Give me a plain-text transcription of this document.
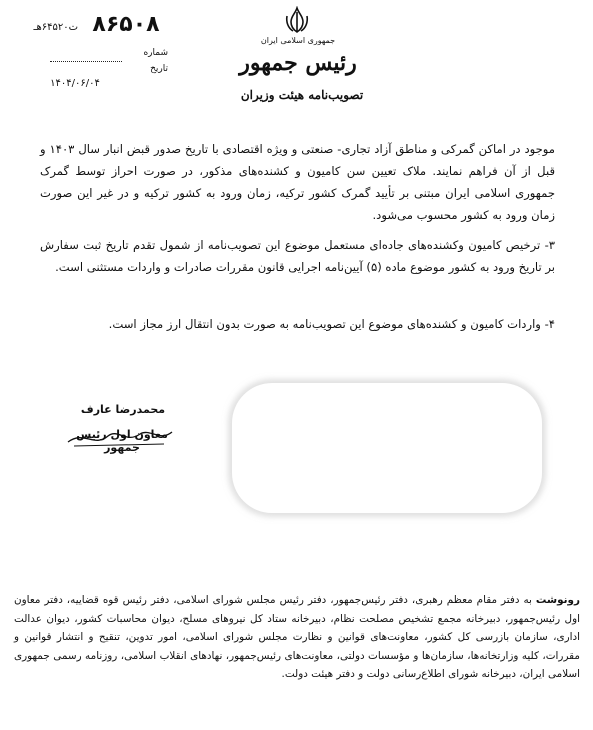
جمهوری اسلامی ایران
رئیس جمهور
تصویب‌نامه هیئت وزیران
ت۶۴۵۲۰هـ ۸۶۵۰۸
شماره
تاریخ
۱۴۰۴/۰۶/۰۴
موجود در اماکن گمرکی و مناطق آزاد تجاری- صنعتی و ویژه اقتصادی با تاریخ صدور قبض انبار سال ۱۴۰۳ و قبل از آن فراهم نمایند. ملاک تعیین سن کامیون و کشنده‌های مذکور، در صورت احراز توسط گمرک جمهوری اسلامی ایران مبتنی بر تأیید گمرک کشور ترکیه، زمان ورود به کشور ترکیه و در غیر این صورت زمان ورود به کشور محسوب می‌شود.
۳- ترخیص کامیون وکشنده‌های جاده‌ای مستعمل موضوع این تصویب‌نامه از شمول تقدم تاریخ ثبت سفارش بر تاریخ ورود به کشور موضوع ماده (۵) آیین‌نامه اجرایی قانون مقررات صادرات و واردات مستثنی است.
۴- واردات کامیون و کشنده‌های موضوع این تصویب‌نامه به صورت بدون انتقال ارز مجاز است.
محمدرضا عارف
معاون اول رئیس جمهور
رونوشت به دفتر مقام معظم رهبری، دفتر رئیس‌جمهور، دفتر رئیس مجلس شورای اسلامی، دفتر رئیس قوه قضاییه، دفتر معاون اول رئیس‌جمهور، دبیرخانه مجمع تشخیص مصلحت نظام، دبیرخانه ستاد کل نیروهای مسلح، دیوان محاسبات کشور، دیوان عدالت اداری، سازمان بازرسی کل کشور، معاونت‌های قوانین و نظارت مجلس شورای اسلامی، امور تدوین، تنقیح و انتشار قوانین و مقررات، کلیه وزارتخانه‌ها، سازمان‌ها و مؤسسات دولتی، معاونت‌های رئیس‌جمهور، نهادهای انقلاب اسلامی، روزنامه رسمی جمهوری اسلامی ایران، دبیرخانه شورای اطلاع‌رسانی دولت و دفتر هیئت دولت.
